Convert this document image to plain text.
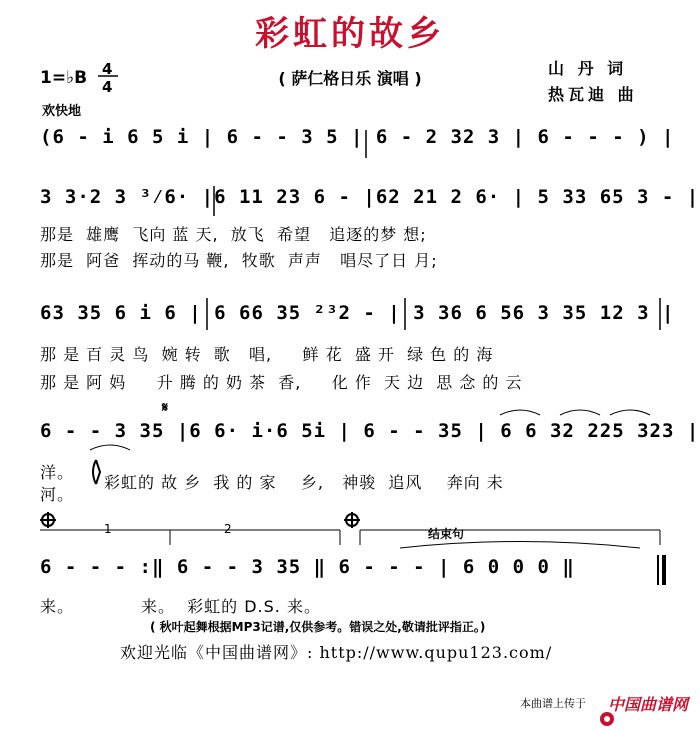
彩虹的故乡
( 萨仁格日乐 演唱 )
山 丹 词
热瓦迪 曲
1=♭B 4
4
欢快地
(6 - i 6 5 i | 6 - - 3 5 | 6 - 2 32 3 | 6 - - - ) |
3 3·2 3 ³⁄6· |6 11 23 6 - |62 21 2 6· | 5 33 65 3 - |
那是  雄鹰  飞向 蓝 天,  放飞  希望   追逐的梦 想;
那是  阿爸  挥动的马 鞭,  牧歌  声声   唱尽了日 月;
63 35 6 i 6 | 6 66 35 ²³2 - | 3 36 6 56 3 35 12 3 |
那 是 百 灵 鸟  婉 转  歌   唱,     鲜 花  盛 开  绿 色 的 海
那 是 阿 妈     升 腾 的 奶 茶  香,     化 作  天 边  思 念 的 云
𝄋
6 - - 3 35 |6 6· i·6 5i | 6 - - 35 | 6 6 32 225 323 |
洋。
河。
彩虹的 故 乡  我 的 家    乡,   神骏  追风    奔向 未
1	2	结束句
6 - - - :‖ 6 - - 3 35 ‖ 6 - - - | 6 0 0 0 ‖
来。           来。  彩虹的 D.S. 来。
( 秋叶起舞根据MP3记谱,仅供参考。错误之处,敬请批评指正。)
欢迎光临《中国曲谱网》: http://www.qupu123.com/
本曲谱上传于

中国曲谱网
